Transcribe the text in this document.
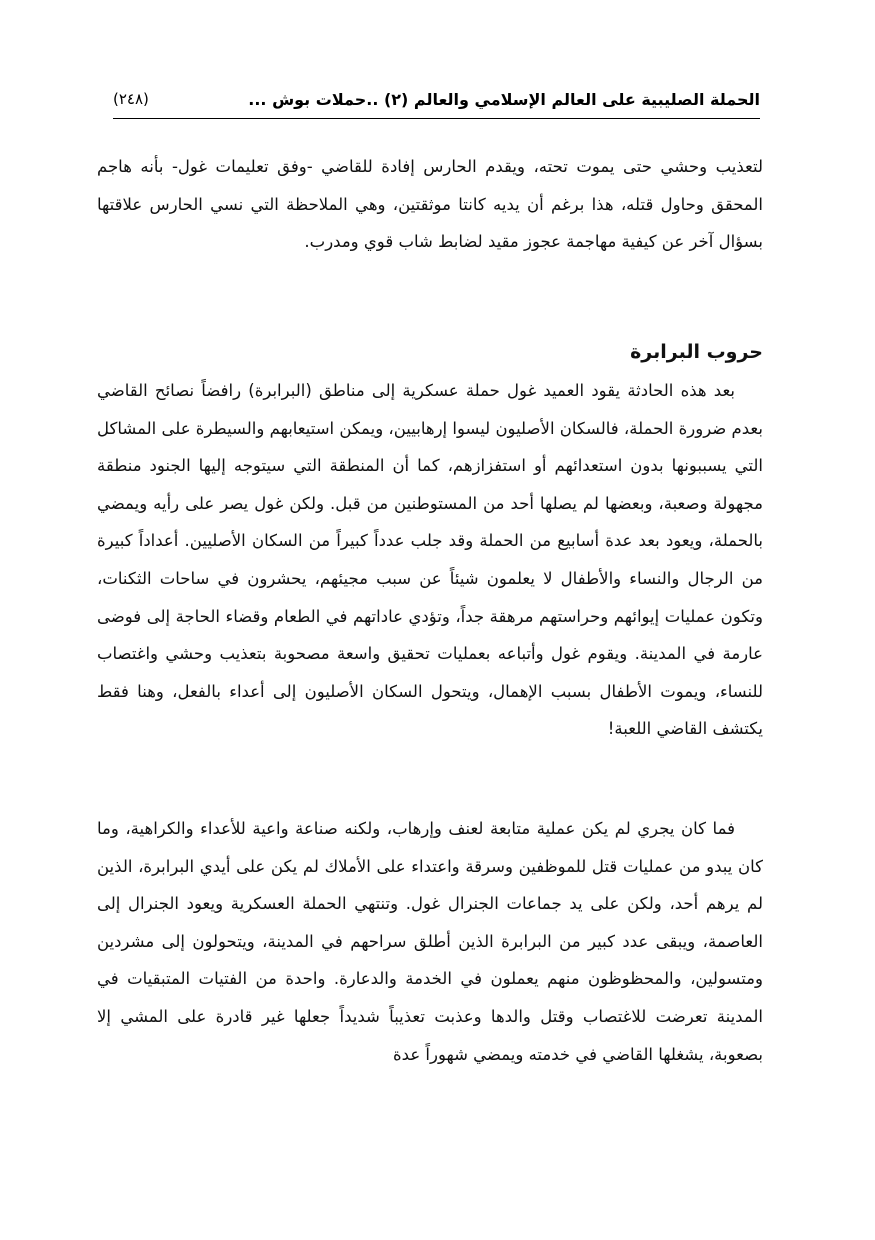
الحملة الصليبية على العالم الإسلامي والعالم (٢) ..حملات بوش ...
(٢٤٨)

لتعذيب وحشي حتى يموت تحته، ويقدم الحارس إفادة للقاضي -وفق تعليمات غول- بأنه هاجم المحقق وحاول قتله، هذا برغم أن يديه كانتا موثقتين، وهي الملاحظة التي نسي الحارس علاقتها بسؤال آخر عن كيفية مهاجمة عجوز مقيد لضابط شاب قوي ومدرب.

حروب البرابرة

بعد هذه الحادثة يقود العميد غول حملة عسكرية إلى مناطق (البرابرة) رافضاً نصائح القاضي بعدم ضرورة الحملة، فالسكان الأصليون ليسوا إرهابيين، ويمكن استيعابهم والسيطرة على المشاكل التي يسببونها بدون استعدائهم أو استفزازهم، كما أن المنطقة التي سيتوجه إليها الجنود منطقة مجهولة وصعبة، وبعضها لم يصلها أحد من المستوطنين من قبل. ولكن غول يصر على رأيه ويمضي بالحملة، ويعود بعد عدة أسابيع من الحملة وقد جلب عدداً كبيراً من السكان الأصليين. أعداداً كبيرة من الرجال والنساء والأطفال لا يعلمون شيئاً عن سبب مجيئهم، يحشرون في ساحات الثكنات، وتكون عمليات إيوائهم وحراستهم مرهقة جداً، وتؤدي عاداتهم في الطعام وقضاء الحاجة إلى فوضى عارمة في المدينة. ويقوم غول وأتباعه بعمليات تحقيق واسعة مصحوبة بتعذيب وحشي واغتصاب للنساء، ويموت الأطفال بسبب الإهمال، ويتحول السكان الأصليون إلى أعداء بالفعل، وهنا فقط يكتشف القاضي اللعبة!

فما كان يجري لم يكن عملية متابعة لعنف وإرهاب، ولكنه صناعة واعية للأعداء والكراهية، وما كان يبدو من عمليات قتل للموظفين وسرقة واعتداء على الأملاك لم يكن على أيدي البرابرة، الذين لم يرهم أحد، ولكن على يد جماعات الجنرال غول. وتنتهي الحملة العسكرية ويعود الجنرال إلى العاصمة، ويبقى عدد كبير من البرابرة الذين أطلق سراحهم في المدينة، ويتحولون إلى مشردين ومتسولين، والمحظوظون منهم يعملون في الخدمة والدعارة. واحدة من الفتيات المتبقيات في المدينة تعرضت للاغتصاب وقتل والدها وعذبت تعذيباً شديداً جعلها غير قادرة على المشي إلا بصعوبة، يشغلها القاضي في خدمته ويمضي شهوراً عدة
